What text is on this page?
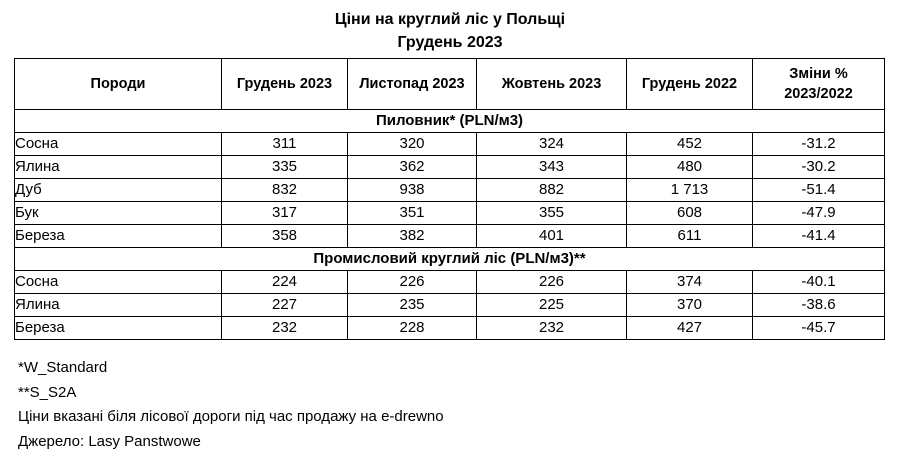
Ціни на круглий ліс у Польщі
Грудень 2023
Породи	Грудень 2023	Листопад 2023	Жовтень 2023	Грудень 2022	Зміни %
2023/2022
Пиловник* (PLN/м3)					
Сосна	311	320	324	452	-31.2
Ялина	335	362	343	480	-30.2
Дуб	832	938	882	1 713	-51.4
Бук	317	351	355	608	-47.9
Береза	358	382	401	611	-41.4
Промисловий круглий ліс (PLN/м3)**					
Сосна	224	226	226	374	-40.1
Ялина	227	235	225	370	-38.6
Береза	232	228	232	427	-45.7
*W_Standard
**S_S2A
Ціни вказані біля лісової дороги під час продажу на e-drewno
Джерело: Lasy Panstwowe
